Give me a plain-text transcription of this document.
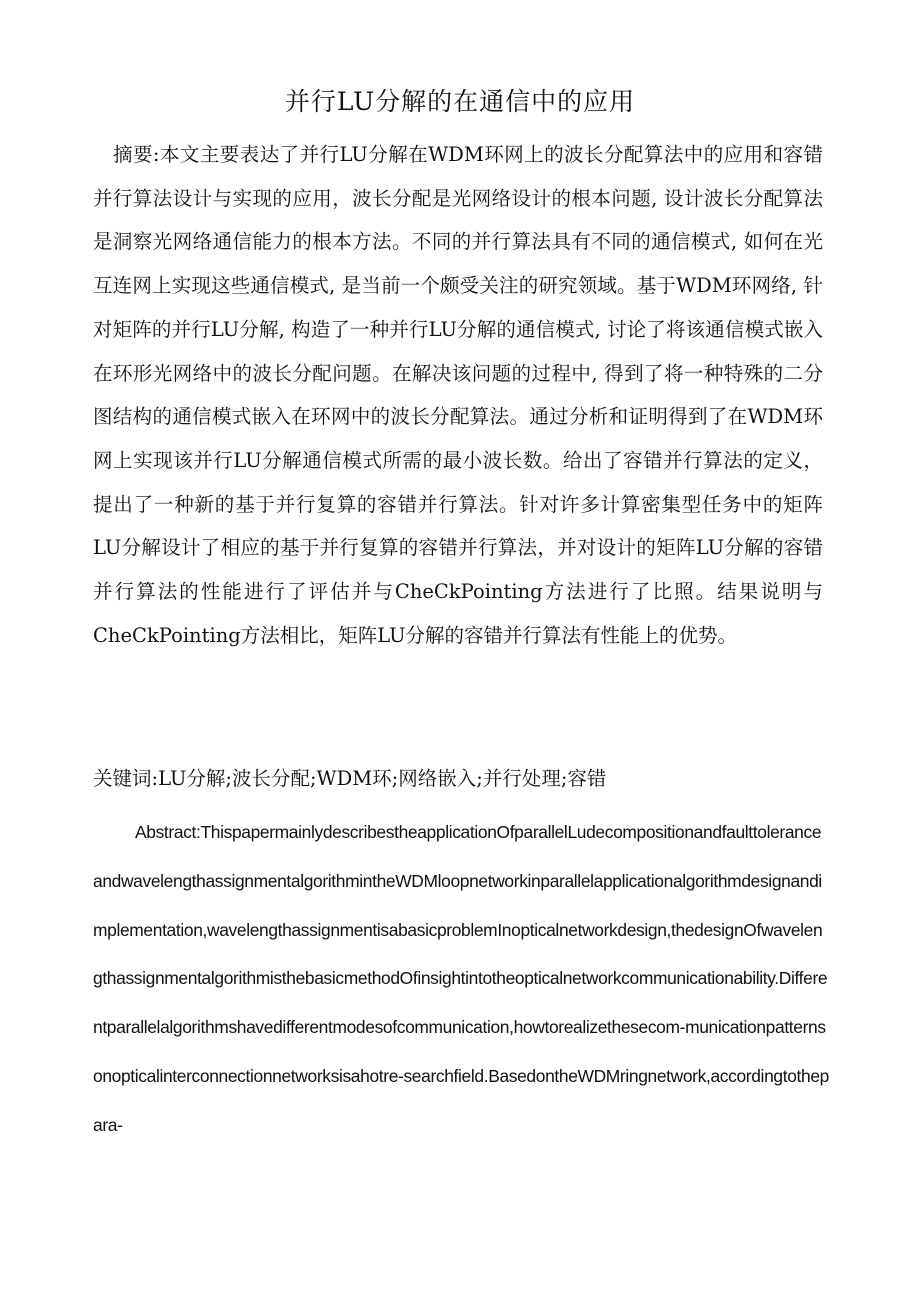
并行LU分解的在通信中的应用

摘要:本文主要表达了并行LU分解在WDM环网上的波长分配算法中的应用和容错并行算法设计与实现的应用，波长分配是光网络设计的根本问题, 设计波长分配算法是洞察光网络通信能力的根本方法。不同的并行算法具有不同的通信模式, 如何在光互连网上实现这些通信模式, 是当前一个颇受关注的研究领域。基于WDM环网络, 针对矩阵的并行LU分解, 构造了一种并行LU分解的通信模式, 讨论了将该通信模式嵌入在环形光网络中的波长分配问题。在解决该问题的过程中, 得到了将一种特殊的二分图结构的通信模式嵌入在环网中的波长分配算法。通过分析和证明得到了在WDM环网上实现该并行LU分解通信模式所需的最小波长数。给出了容错并行算法的定义，提出了一种新的基于并行复算的容错并行算法。针对许多计算密集型任务中的矩阵LU分解设计了相应的基于并行复算的容错并行算法，并对设计的矩阵LU分解的容错并行算法的性能进行了评估并与CheCkPointing方法进行了比照。结果说明与CheCkPointing方法相比，矩阵LU分解的容错并行算法有性能上的优势。

关键词:LU分解;波长分配;WDM环;网络嵌入;并行处理;容错

Abstract:ThispapermainlydescribestheapplicationOfparallelLudecompositionandfaulttoleranceandwavelengthassignmentalgorithmintheWDMloopnetworkinparallelapplicationalgorithmdesignandimplementation,wavelengthassignmentisabasicproblemInopticalnetworkdesign,thedesignOfwavelengthassignmentalgorithmisthebasicmethodOfinsightintotheopticalnetworkcommunicationability.Differentparallelalgorithmshavedifferentmodesofcommunication,howtorealizethesecom-municationpatternsonopticalinterconnectionnetworksisahotre-searchfield.BasedontheWDMringnetwork,accordingtothepara-
